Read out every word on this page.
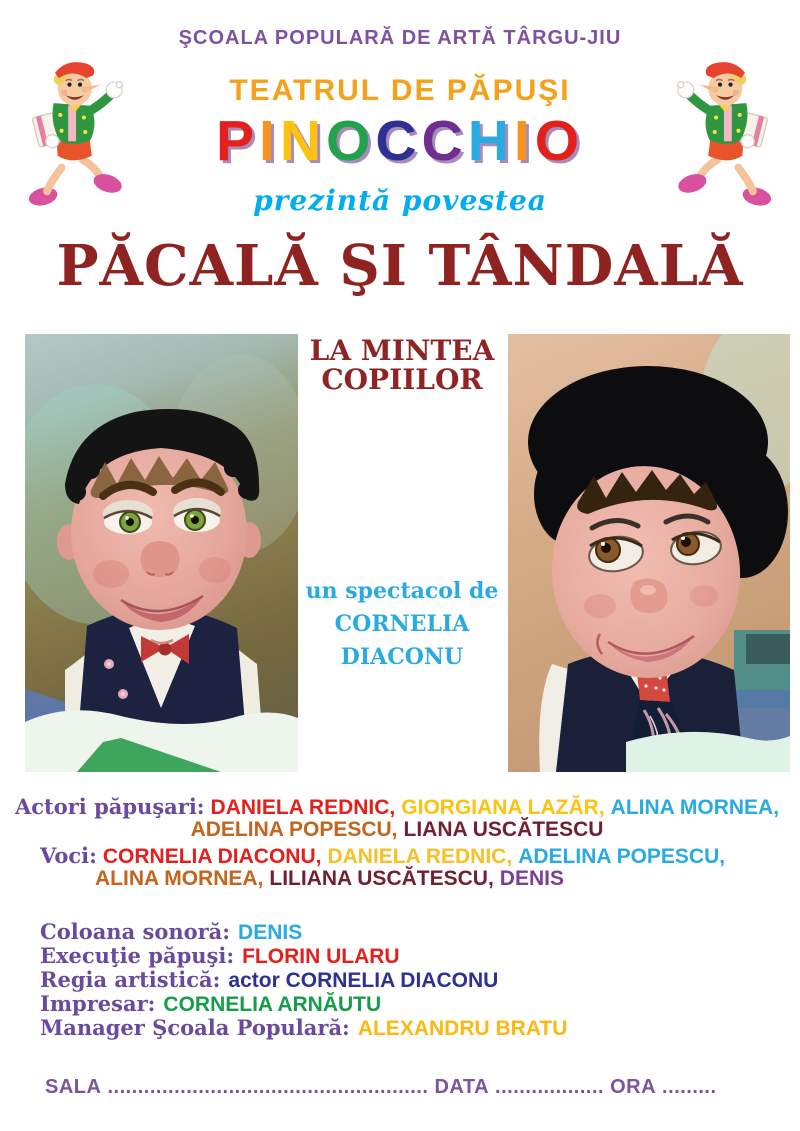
ŞCOALA POPULARĂ DE ARTĂ TÂRGU-JIU
TEATRUL DE PĂPUŞI
PINOCCHIO
prezintă povestea
PĂCALĂ ŞI TÂNDALĂ
LA MINTEA
COPIILOR
un spectacol de
CORNELIA
DIACONU
Actori păpuşari: DANIELA REDNIC, GIORGIANA LAZĂR, ALINA MORNEA,
ADELINA POPESCU, LIANA USCĂTESCU
Voci: CORNELIA DIACONU, DANIELA REDNIC, ADELINA POPESCU,
ALINA MORNEA, LILIANA USCĂTESCU, DENIS
Coloana sonoră: DENIS
Execuţie păpuşi: FLORIN ULARU
Regia artistică: actor CORNELIA DIACONU
Impresar: CORNELIA ARNĂUTU
Manager Şcoala Populară: ALEXANDRU BRATU
SALA ..................................................... DATA .................. ORA .........
